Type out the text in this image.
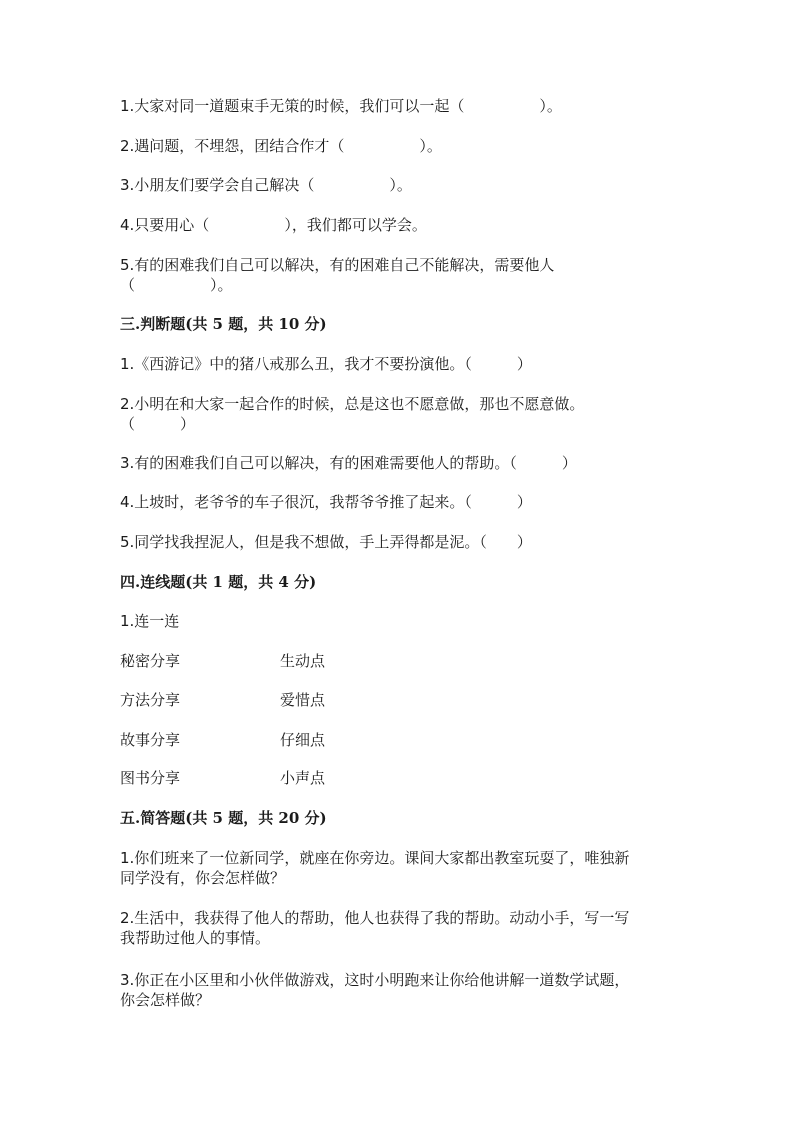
1.大家对同一道题束手无策的时候，我们可以一起（　　　　　）。
2.遇问题，不埋怨，团结合作才（　　　　　）。
3.小朋友们要学会自己解决（　　　　　）。
4.只要用心（　　　　　），我们都可以学会。
5.有的困难我们自己可以解决，有的困难自己不能解决，需要他人
（　　　　　）。
三.判断题(共 5 题，共 10 分)
1.《西游记》中的猪八戒那么丑，我才不要扮演他。（　　　）
2.小明在和大家一起合作的时候，总是这也不愿意做，那也不愿意做。
（　　　）
3.有的困难我们自己可以解决，有的困难需要他人的帮助。（　　　）
4.上坡时，老爷爷的车子很沉，我帮爷爷推了起来。（　　　）
5.同学找我捏泥人，但是我不想做，手上弄得都是泥。（　　）
四.连线题(共 1 题，共 4 分)
1.连一连
秘密分享	生动点
方法分享	爱惜点
故事分享	仔细点
图书分享	小声点
五.简答题(共 5 题，共 20 分)
1.你们班来了一位新同学，就座在你旁边。课间大家都出教室玩耍了，唯独新
同学没有，你会怎样做？
2.生活中，我获得了他人的帮助，他人也获得了我的帮助。动动小手，写一写
我帮助过他人的事情。
3.你正在小区里和小伙伴做游戏，这时小明跑来让你给他讲解一道数学试题，
你会怎样做？
